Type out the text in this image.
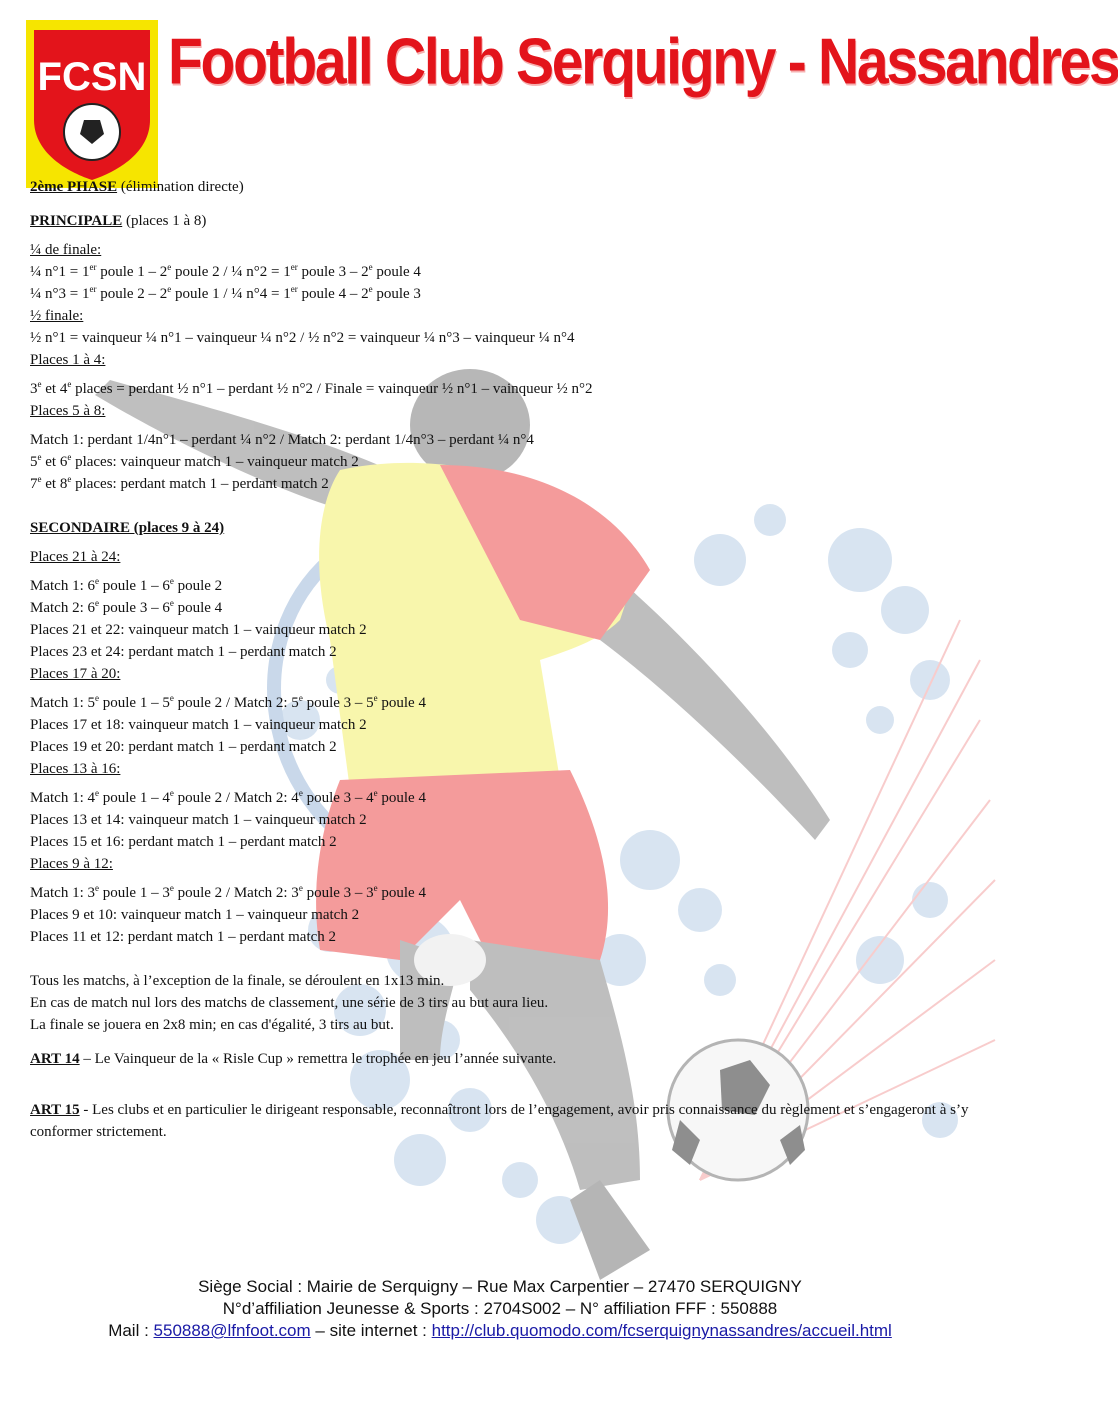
FCSN Football Club Serquigny - Nassandres

2ème PHASE (élimination directe)

PRINCIPALE (places 1 à 8)

¼ de finale:

¼ n°1 = 1er poule 1 – 2e poule 2 / ¼ n°2 = 1er poule 3 – 2e poule 4

¼ n°3 = 1er poule 2 – 2e poule 1 / ¼ n°4 = 1er poule 4 – 2e poule 3

½ finale:

½ n°1 = vainqueur ¼ n°1 – vainqueur ¼ n°2 / ½ n°2 = vainqueur ¼ n°3 – vainqueur ¼ n°4

Places 1 à 4:

3e et 4e places = perdant ½ n°1 – perdant ½ n°2 / Finale = vainqueur ½ n°1 – vainqueur ½ n°2

Places 5 à 8:

Match 1: perdant 1/4n°1 – perdant ¼ n°2 / Match 2: perdant 1/4n°3 – perdant ¼ n°4

5e et 6e places: vainqueur match 1 – vainqueur match 2

7e et 8e places: perdant match 1 – perdant match 2

SECONDAIRE (places 9 à 24)

Places 21 à 24:

Match 1: 6e poule 1 – 6e poule 2

Match 2: 6e poule 3 – 6e poule 4

Places 21 et 22: vainqueur match 1 – vainqueur match 2

Places 23 et 24: perdant match 1 – perdant match 2

Places 17 à 20:

Match 1: 5e poule 1 – 5e poule 2 / Match 2: 5e poule 3 – 5e poule 4

Places 17 et 18: vainqueur match 1 – vainqueur match 2

Places 19 et 20: perdant match 1 – perdant match 2

Places 13 à 16:

Match 1: 4e poule 1 – 4e poule 2 / Match 2: 4e poule 3 – 4e poule 4

Places 13 et 14: vainqueur match 1 – vainqueur match 2

Places 15 et 16: perdant match 1 – perdant match 2

Places 9 à 12:

Match 1: 3e poule 1 – 3e poule 2 / Match 2: 3e poule 3 – 3e poule 4

Places 9 et 10: vainqueur match 1 – vainqueur match 2

Places 11 et 12: perdant match 1 – perdant match 2

Tous les matchs, à l’exception de la finale, se déroulent en 1x13 min.

En cas de match nul lors des matchs de classement, une série de 3 tirs au but aura lieu.

La finale se jouera en 2x8 min; en cas d'égalité, 3 tirs au but.

ART 14 – Le Vainqueur de la « Risle Cup » remettra le trophée en jeu l’année suivante.

ART 15 - Les clubs et en particulier le dirigeant responsable, reconnaîtront lors de l’engagement, avoir pris connaissance du règlement et s’engageront à s’y conformer strictement.

Siège Social : Mairie de Serquigny – Rue Max Carpentier – 27470 SERQUIGNY
N°d’affiliation Jeunesse & Sports : 2704S002 – N° affiliation FFF : 550888
Mail : 550888@lfnfoot.com – site internet : http://club.quomodo.com/fcserquignynassandres/accueil.html
